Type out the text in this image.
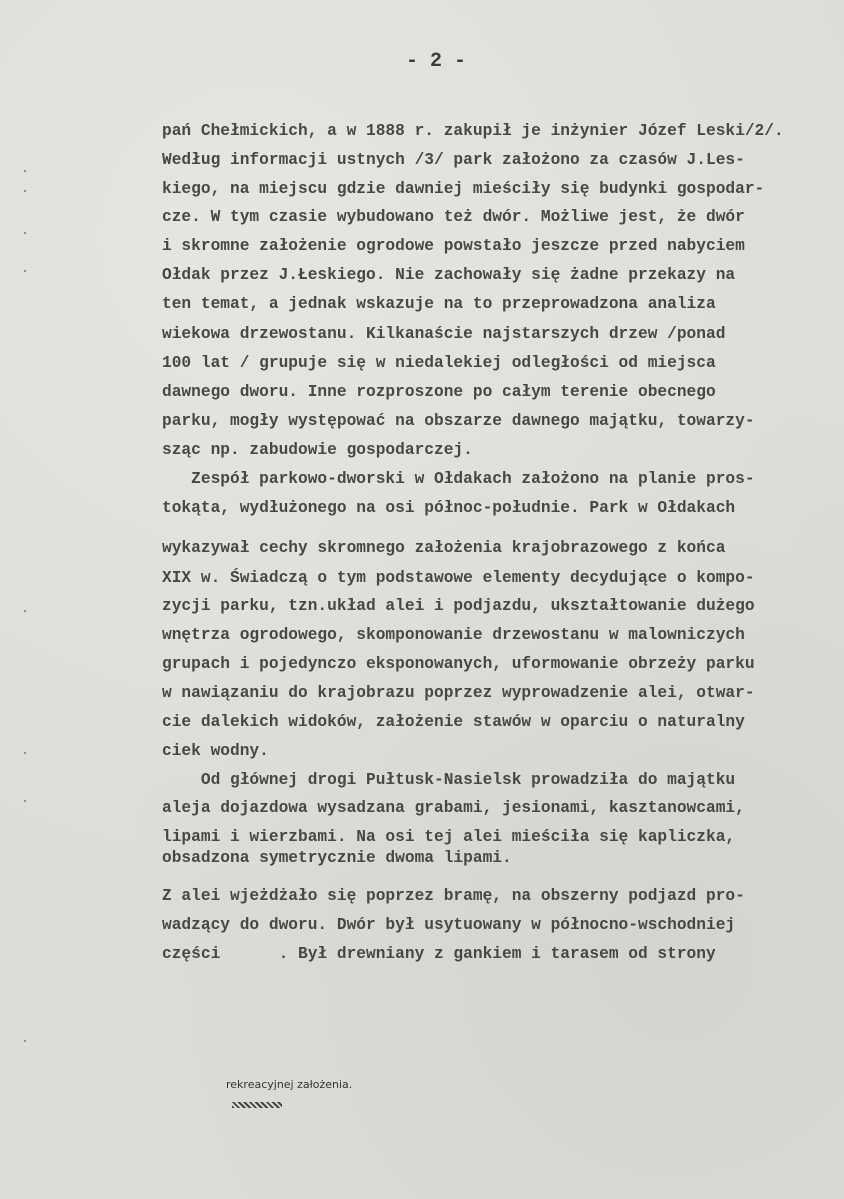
- 2 -
pań Chełmickich, a w 1888 r. zakupił je inżynier Józef Leski/2/.
Według informacji ustnych /3/ park założono za czasów J.Les-
kiego, na miejscu gdzie dawniej mieściły się budynki gospodar-
cze. W tym czasie wybudowano też dwór. Możliwe jest, że dwór
i skromne założenie ogrodowe powstało jeszcze przed nabyciem
Ołdak przez J.Łeskiego. Nie zachowały się żadne przekazy na
ten temat, a jednak wskazuje na to przeprowadzona analiza
wiekowa drzewostanu. Kilkanaście najstarszych drzew /ponad
100 lat / grupuje się w niedalekiej odległości od miejsca
dawnego dworu. Inne rozproszone po całym terenie obecnego
parku, mogły występować na obszarze dawnego majątku, towarzy-
sząc np. zabudowie gospodarczej.
Zespół parkowo-dworski w Ołdakach założono na planie pros-
tokąta, wydłużonego na osi północ-południe. Park w Ołdakach
wykazywał cechy skromnego założenia krajobrazowego z końca
XIX w. Świadczą o tym podstawowe elementy decydujące o kompo-
zycji parku, tzn.układ alei i podjazdu, ukształtowanie dużego
wnętrza ogrodowego, skomponowanie drzewostanu w malowniczych
grupach i pojedynczo eksponowanych, uformowanie obrzeży parku
w nawiązaniu do krajobrazu poprzez wyprowadzenie alei, otwar-
cie dalekich widoków, założenie stawów w oparciu o naturalny
ciek wodny.
Od głównej drogi Pułtusk-Nasielsk prowadziła do majątku
aleja dojazdowa wysadzana grabami, jesionami, kasztanowcami,
lipami i wierzbami. Na osi tej alei mieściła się kapliczka,
obsadzona symetrycznie dwoma lipami.
Z alei wjeżdżało się poprzez bramę, na obszerny podjazd pro-
wadzący do dworu. Dwór był usytuowany w północno-wschodniej
części      . Był drewniany z gankiem i tarasem od strony
rekreacyjnej założenia.
